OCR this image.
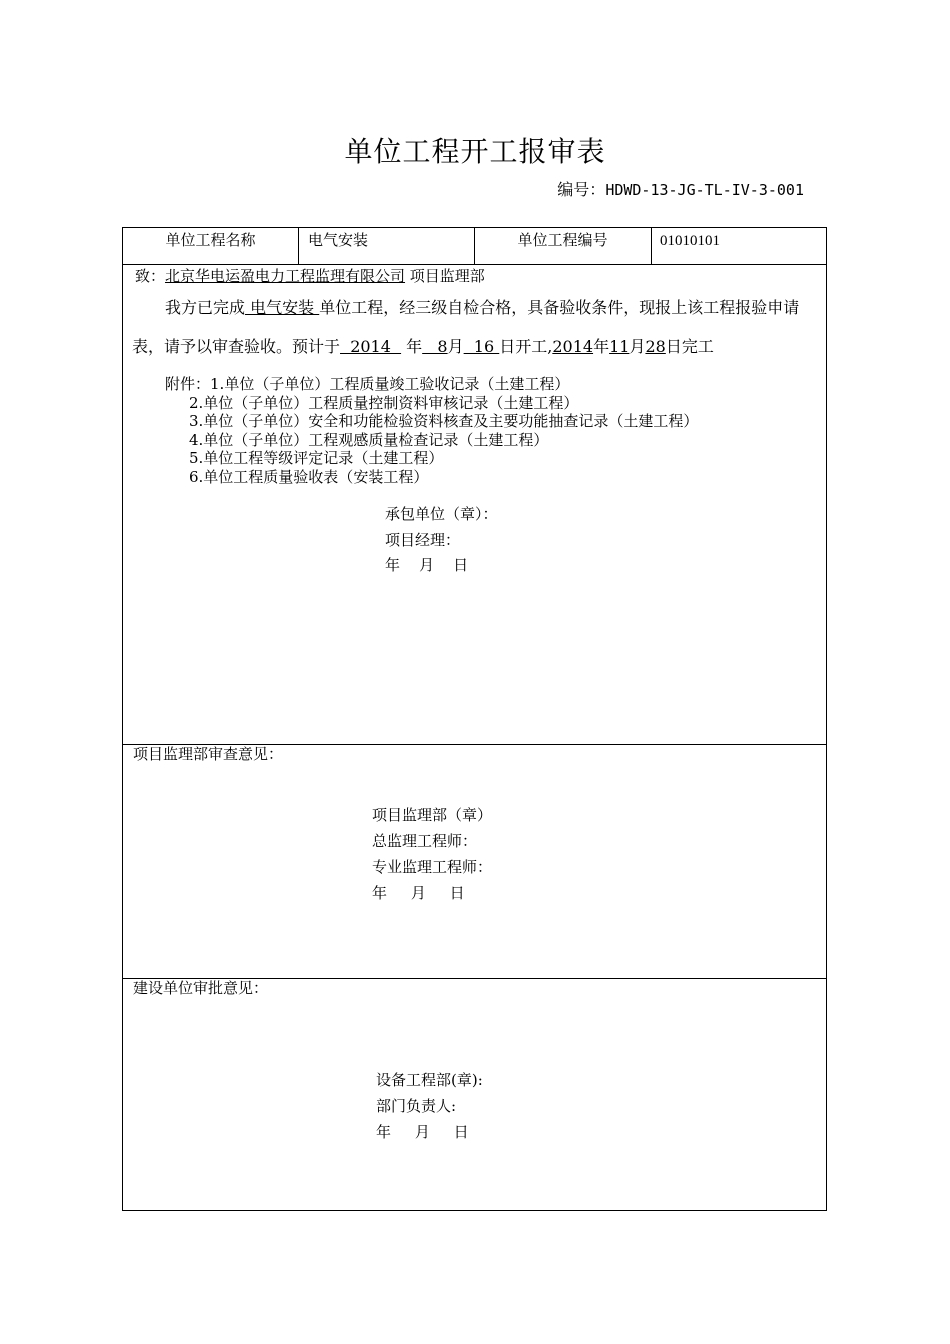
单位工程开工报审表
编号：HDWD-13-JG-TL-IV-3-001
单位工程名称	电气安装	单位工程编号	01010101
致：北京华电运盈电力工程监理有限公司 项目监理部
我方已完成 电气安装 单位工程，经三级自检合格，具备验收条件，现报上该工程报验申请
表，请予以审查验收。预计于  2014   年   8月  16 日开工,2014年11月28日完工
附件：1.单位（子单位）工程质量竣工验收记录（土建工程）
2.单位（子单位）工程质量控制资料审核记录（土建工程）
3.单位（子单位）安全和功能检验资料核查及主要功能抽查记录（土建工程）
4.单位（子单位）工程观感质量检查记录（土建工程）
5.单位工程等级评定记录（土建工程）
6.单位工程质量验收表（安装工程）
承包单位（章）：
项目经理：
年    月    日
项目监理部审查意见：
项目监理部（章）
总监理工程师：
专业监理工程师：
年     月     日
建设单位审批意见：
设备工程部(章):
部门负责人:
年     月     日
